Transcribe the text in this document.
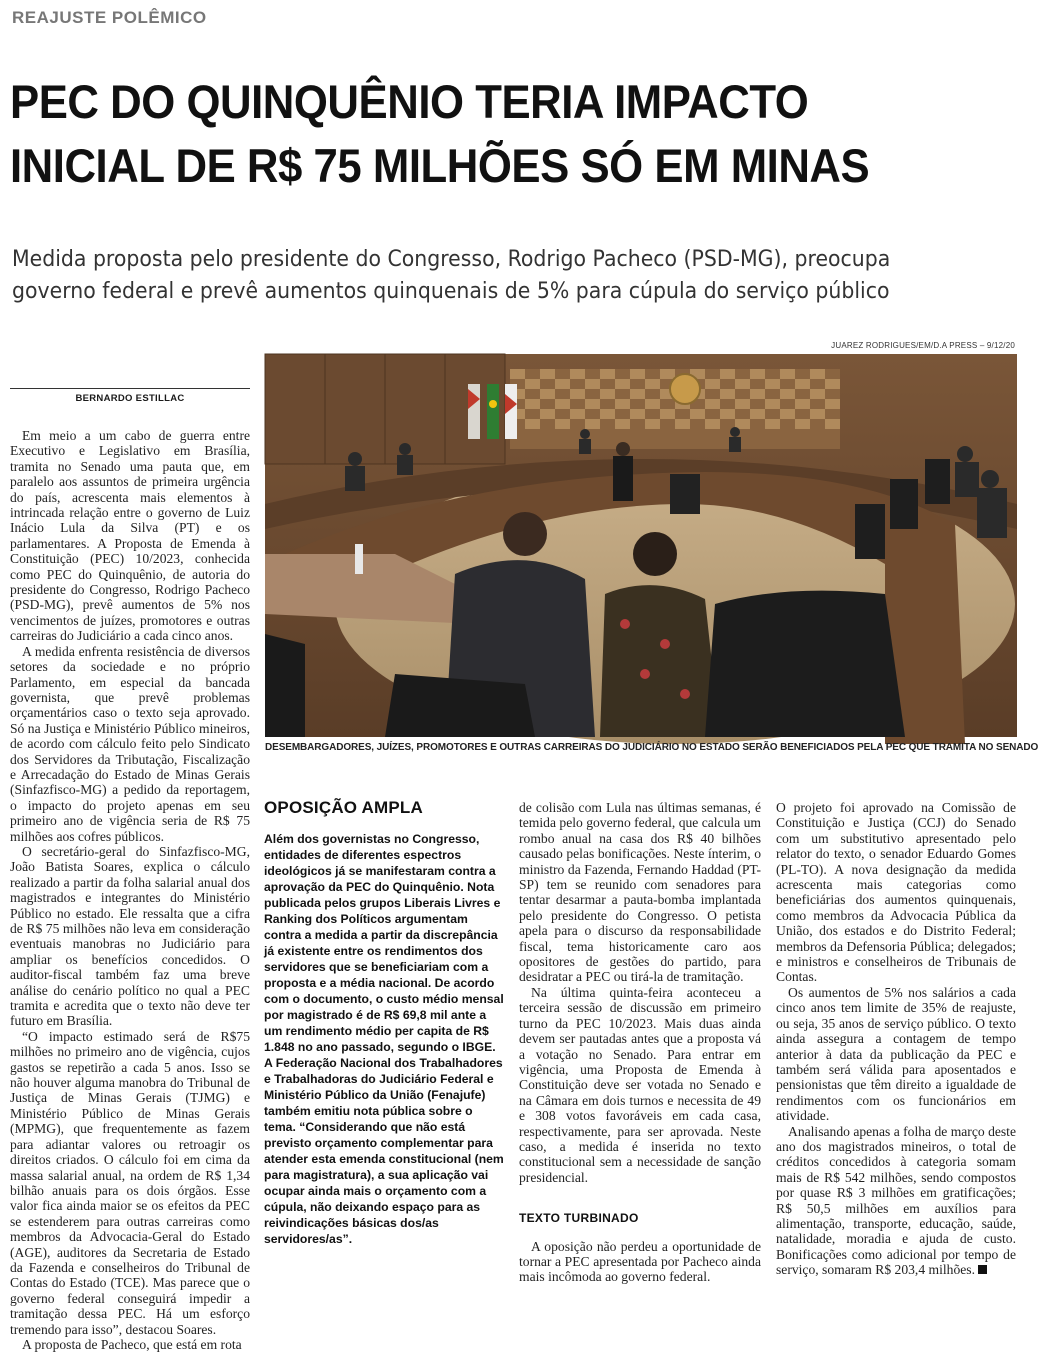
REAJUSTE POLÊMICO
PEC DO QUINQUÊNIO TERIA IMPACTO
INICIAL DE R$ 75 MILHÕES SÓ EM MINAS
Medida proposta pelo presidente do Congresso, Rodrigo Pacheco (PSD-MG), preocupa
governo federal e prevê aumentos quinquenais de 5% para cúpula do serviço público
JUAREZ RODRIGUES/EM/D.A PRESS – 9/12/20
DESEMBARGADORES, JUÍZES, PROMOTORES E OUTRAS CARREIRAS DO JUDICIÁRIO NO ESTADO SERÃO BENEFICIADOS PELA PEC QUE TRAMITA NO SENADO
BERNARDO ESTILLAC

Em meio a um cabo de guerra entre Executivo e Legislativo em Brasília, tramita no Senado uma pauta que, em paralelo aos assuntos de primeira urgência do país, acrescenta mais elementos à intrincada relação entre o governo de Luiz Inácio Lula da Silva (PT) e os parlamentares. A Proposta de Emenda à Constituição (PEC) 10/2023, conhecida como PEC do Quinquênio, de autoria do presidente do Congresso, Rodrigo Pacheco (PSD-MG), prevê aumentos de 5% nos vencimentos de juízes, promotores e outras carreiras do Judiciário a cada cinco anos.

A medida enfrenta resistência de diversos setores da sociedade e no próprio Parlamento, em especial da bancada governista, que prevê problemas orçamentários caso o texto seja aprovado. Só na Justiça e Ministério Público mineiros, de acordo com cálculo feito pelo Sindicato dos Servidores da Tributação, Fiscalização e Arrecadação do Estado de Minas Gerais (Sinfazfisco-MG) a pedido da reportagem, o impacto do projeto apenas em seu primeiro ano de vigência seria de R$ 75 milhões aos cofres públicos.

O secretário-geral do Sinfazfisco-MG, João Batista Soares, explica o cálculo realizado a partir da folha salarial anual dos magistrados e integrantes do Ministério Público no estado. Ele ressalta que a cifra de R$ 75 milhões não leva em consideração eventuais manobras no Judiciário para ampliar os benefícios concedidos. O auditor-fiscal também faz uma breve análise do cenário político no qual a PEC tramita e acredita que o texto não deve ter futuro em Brasília.

“O impacto estimado será de R$75 milhões no primeiro ano de vigência, cujos gastos se repetirão a cada 5 anos. Isso se não houver alguma manobra do Tribunal de Justiça de Minas Gerais (TJMG) e Ministério Público de Minas Gerais (MPMG), que frequentemente as fazem para adiantar valores ou retroagir os direitos criados. O cálculo foi em cima da massa salarial anual, na ordem de R$ 1,34 bilhão anuais para os dois órgãos. Esse valor fica ainda maior se os efeitos da PEC se estenderem para outras carreiras como membros da Advocacia-Geral do Estado (AGE), auditores da Secretaria de Estado da Fazenda e conselheiros do Tribunal de Contas do Estado (TCE). Mas parece que o governo federal conseguirá impedir a tramitação dessa PEC. Há um esforço tremendo para isso”, destacou Soares.

A proposta de Pacheco, que está em rota

OPOSIÇÃO AMPLA
Além dos governistas no Congresso, entidades de diferentes espectros ideológicos já se manifestaram contra a aprovação da PEC do Quinquênio. Nota publicada pelos grupos Liberais Livres e Ranking dos Políticos argumentam contra a medida a partir da discrepância já existente entre os rendimentos dos servidores que se beneficiariam com a proposta e a média nacional. De acordo com o documento, o custo médio mensal por magistrado é de R$ 69,8 mil ante a um rendimento médio per capita de R$ 1.848 no ano passado, segundo o IBGE. A Federação Nacional dos Trabalhadores e Trabalhadoras do Judiciário Federal e Ministério Público da União (Fenajufe) também emitiu nota pública sobre o tema. “Considerando que não está previsto orçamento complementar para atender esta emenda constitucional (nem para magistratura), a sua aplicação vai ocupar ainda mais o orçamento com a cúpula, não deixando espaço para as reivindicações básicas dos/as servidores/as”.

de colisão com Lula nas últimas semanas, é temida pelo governo federal, que calcula um rombo anual na casa dos R$ 40 bilhões causado pelas bonificações. Neste ínterim, o ministro da Fazenda, Fernando Haddad (PT-SP) tem se reunido com senadores para tentar desarmar a pauta-bomba implantada pelo presidente do Congresso. O petista apela para o discurso da responsabilidade fiscal, tema historicamente caro aos opositores de gestões do partido, para desidratar a PEC ou tirá-la de tramitação.

Na última quinta-feira aconteceu a terceira sessão de discussão em primeiro turno da PEC 10/2023. Mais duas ainda devem ser pautadas antes que a proposta vá a votação no Senado. Para entrar em vigência, uma Proposta de Emenda à Constituição deve ser votada no Senado e na Câmara em dois turnos e necessita de 49 e 308 votos favoráveis em cada casa, respectivamente, para ser aprovada. Neste caso, a medida é inserida no texto constitucional sem a necessidade de sanção presidencial.

TEXTO TURBINADO

A oposição não perdeu a oportunidade de tornar a PEC apresentada por Pacheco ainda mais incômoda ao governo federal.

O projeto foi aprovado na Comissão de Constituição e Justiça (CCJ) do Senado com um substitutivo apresentado pelo relator do texto, o senador Eduardo Gomes (PL-TO). A nova designação da medida acrescenta mais categorias como beneficiárias dos aumentos quinquenais, como membros da Advocacia Pública da União, dos estados e do Distrito Federal; membros da Defensoria Pública; delegados; e ministros e conselheiros de Tribunais de Contas.

Os aumentos de 5% nos salários a cada cinco anos tem limite de 35% de reajuste, ou seja, 35 anos de serviço público. O texto ainda assegura a contagem de tempo anterior à data da publicação da PEC e também será válida para aposentados e pensionistas que têm direito a igualdade de rendimentos com os funcionários em atividade.

Analisando apenas a folha de março deste ano dos magistrados mineiros, o total de créditos concedidos à categoria somam mais de R$ 542 milhões, sendo compostos por quase R$ 3 milhões em gratificações; R$ 50,5 milhões em auxílios para alimentação, transporte, educação, saúde, natalidade, moradia e ajuda de custo. Bonificações como adicional por tempo de serviço, somaram R$ 203,4 milhões.
